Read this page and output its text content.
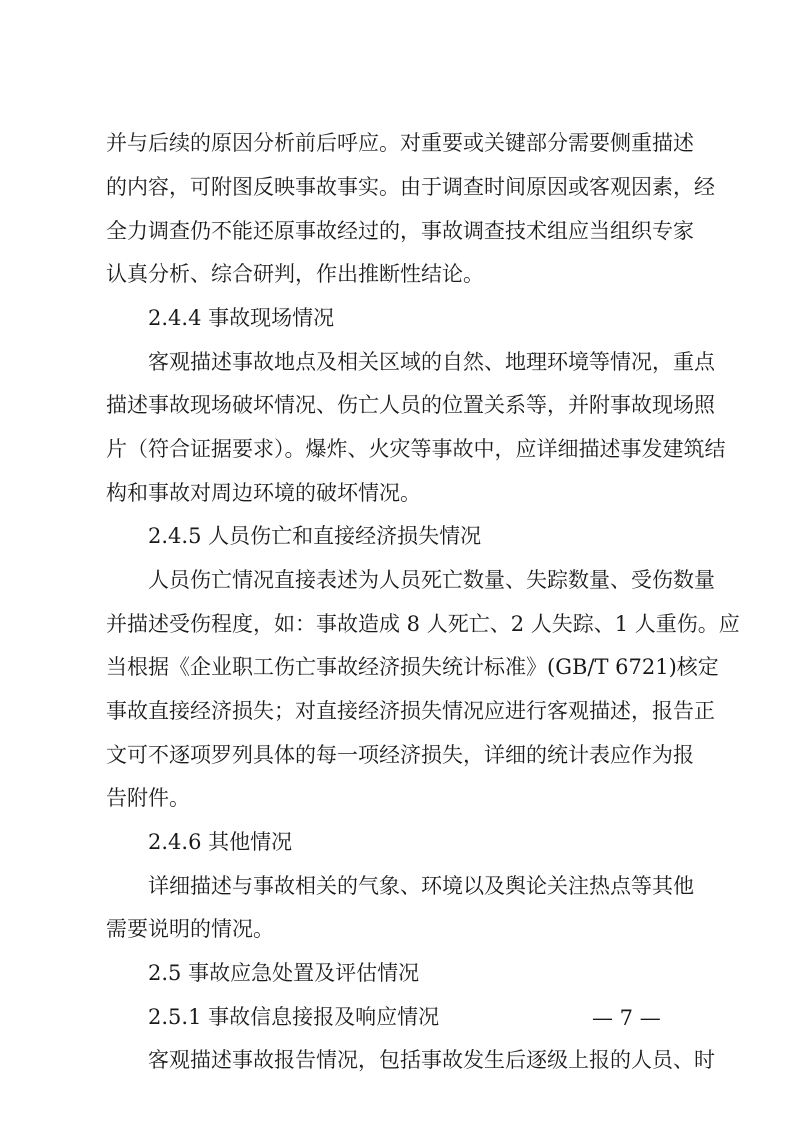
并与后续的原因分析前后呼应。对重要或关键部分需要侧重描述
的内容，可附图反映事故事实。由于调查时间原因或客观因素，经
全力调查仍不能还原事故经过的，事故调查技术组应当组织专家
认真分析、综合研判，作出推断性结论。
2.4.4 事故现场情况
客观描述事故地点及相关区域的自然、地理环境等情况，重点
描述事故现场破坏情况、伤亡人员的位置关系等，并附事故现场照
片（符合证据要求）。爆炸、火灾等事故中，应详细描述事发建筑结
构和事故对周边环境的破坏情况。
2.4.5 人员伤亡和直接经济损失情况
人员伤亡情况直接表述为人员死亡数量、失踪数量、受伤数量
并描述受伤程度，如：事故造成 8 人死亡、2 人失踪、1 人重伤。应
当根据《企业职工伤亡事故经济损失统计标准》(GB/T 6721)核定
事故直接经济损失；对直接经济损失情况应进行客观描述，报告正
文可不逐项罗列具体的每一项经济损失，详细的统计表应作为报
告附件。
2.4.6 其他情况
详细描述与事故相关的气象、环境以及舆论关注热点等其他
需要说明的情况。
2.5 事故应急处置及评估情况
2.5.1 事故信息接报及响应情况
客观描述事故报告情况，包括事故发生后逐级上报的人员、时
— 7 —
